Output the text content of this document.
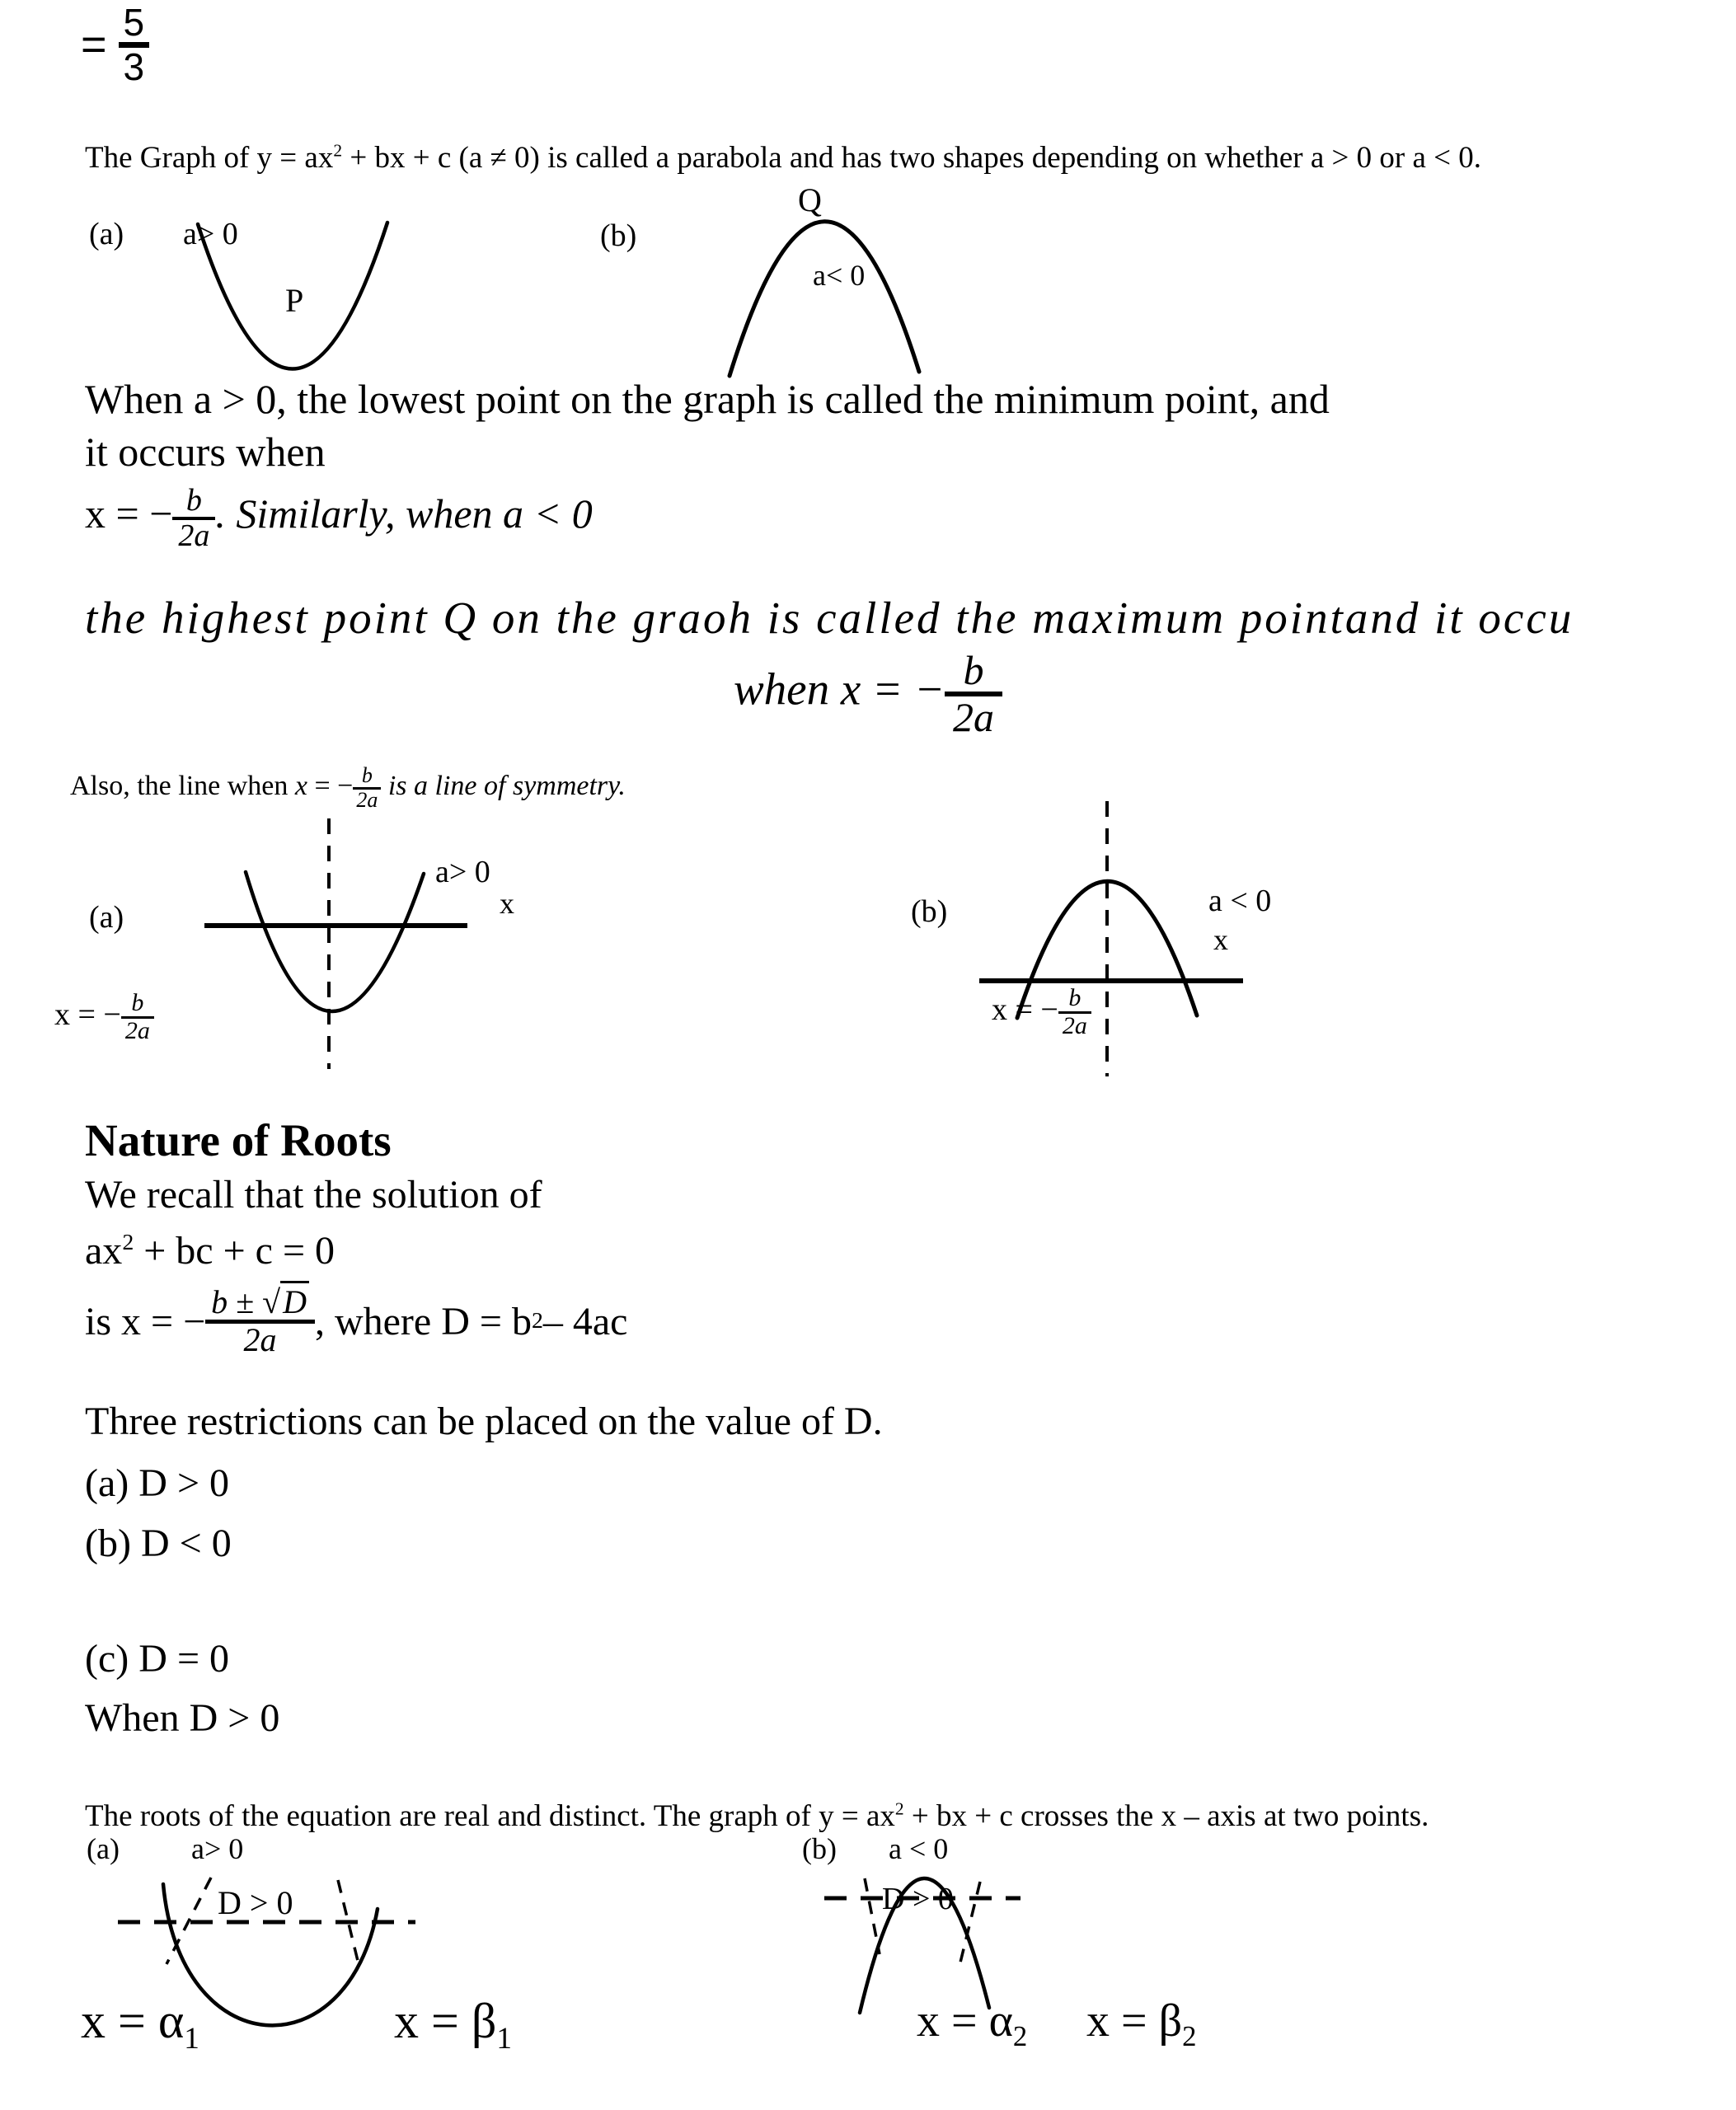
= $\frac{5}{3}$
The Graph of $y = ax^2$ + bx + c (a ≠ 0) is called a parabola and has two shapes depending on whether a > 0 or a < 0.
(a) a> 0
P
(b)
Q
a< 0
When a > 0, the lowest point on the graph is called the minimum point, and
it occurs when
x = − $\frac{b}{2a}$ . Similarly, when a < 0
the highest point Q on the graoh is called the maximum pointand it occu
when x = − $\frac{b}{2a}$
Also, the line when x = − $\frac{b}{2a}$ is a line of symmetry.
(a)
a> 0
x
x = − $\frac{b}{2a}$
(b)	a < 0
x
x = − $\frac{b}{2a}$
Nature of Roots
We recall that the solution of
$ax^2$ + bc + c = 0
is x = − $\frac{b \pm √D}{2a}$ , where D = b 2 – 4ac
Three restrictions can be placed on the value of D.
(a) D > 0
(b) D < 0
(c) D = 0
When D > 0
The roots of the equation are real and distinct. The graph of $y = ax^2$ + bx + c crosses the x – axis at two points.
(a) a> 0	(b) a < 0
D > 0
$x = \alpha_1$	$x = \beta_1$
D > 0
$x = \alpha_2$ $x = \beta_2$
